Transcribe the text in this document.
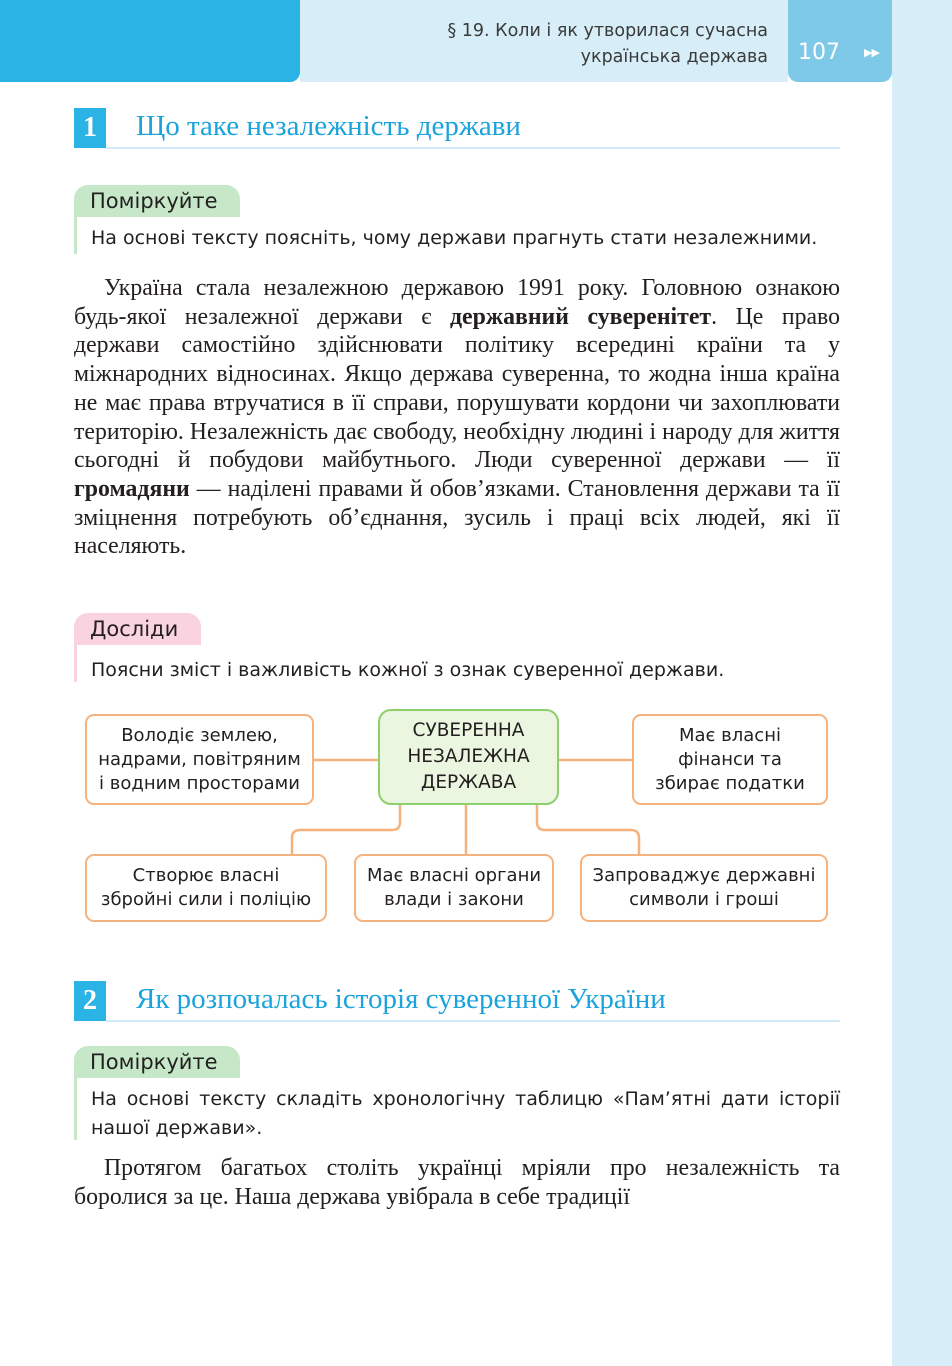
§ 19. Коли і як утворилася сучасна
українська держава 107 ▶▶
1	Що таке незалежність держави
Поміркуйте
На основі тексту поясніть, чому держави прагнуть стати незалежними.
Україна стала незалежною державою 1991 року. Головною ознакою будь-якої незалежної держави є державний суверенітет. Це право держави самостійно здійснювати політику всередині країни та у міжнародних відносинах. Якщо держава суверенна, то жодна інша країна не має права втручатися в її справи, порушувати кордони чи захоплювати територію. Незалежність дає свободу, необхідну людині і народу для життя сьогодні й побудови майбутнього. Люди суверенної держави — її громадяни — наділені правами й обов’язками. Становлення держави та її зміцнення потребують об’єднання, зусиль і праці всіх людей, які її населяють.
Досліди
Поясни зміст і важливість кожної з ознак суверенної держави.
СУВЕРЕННА
НЕЗАЛЕЖНА
ДЕРЖАВА
Володіє землею,
надрами, повітряним
і водним просторами
Має власні
фінанси та
збирає податки
Створює власні
збройні сили і поліцію
Має власні органи
влади і закони
Запроваджує державні
символи і гроші
2	Як розпочалась історія суверенної України
Поміркуйте
На основі тексту складіть хронологічну таблицю «Пам’ятні дати історії нашої держави».
Протягом багатьох століть українці мріяли про незалежність та боролися за це. Наша держава увібрала в себе традиції
